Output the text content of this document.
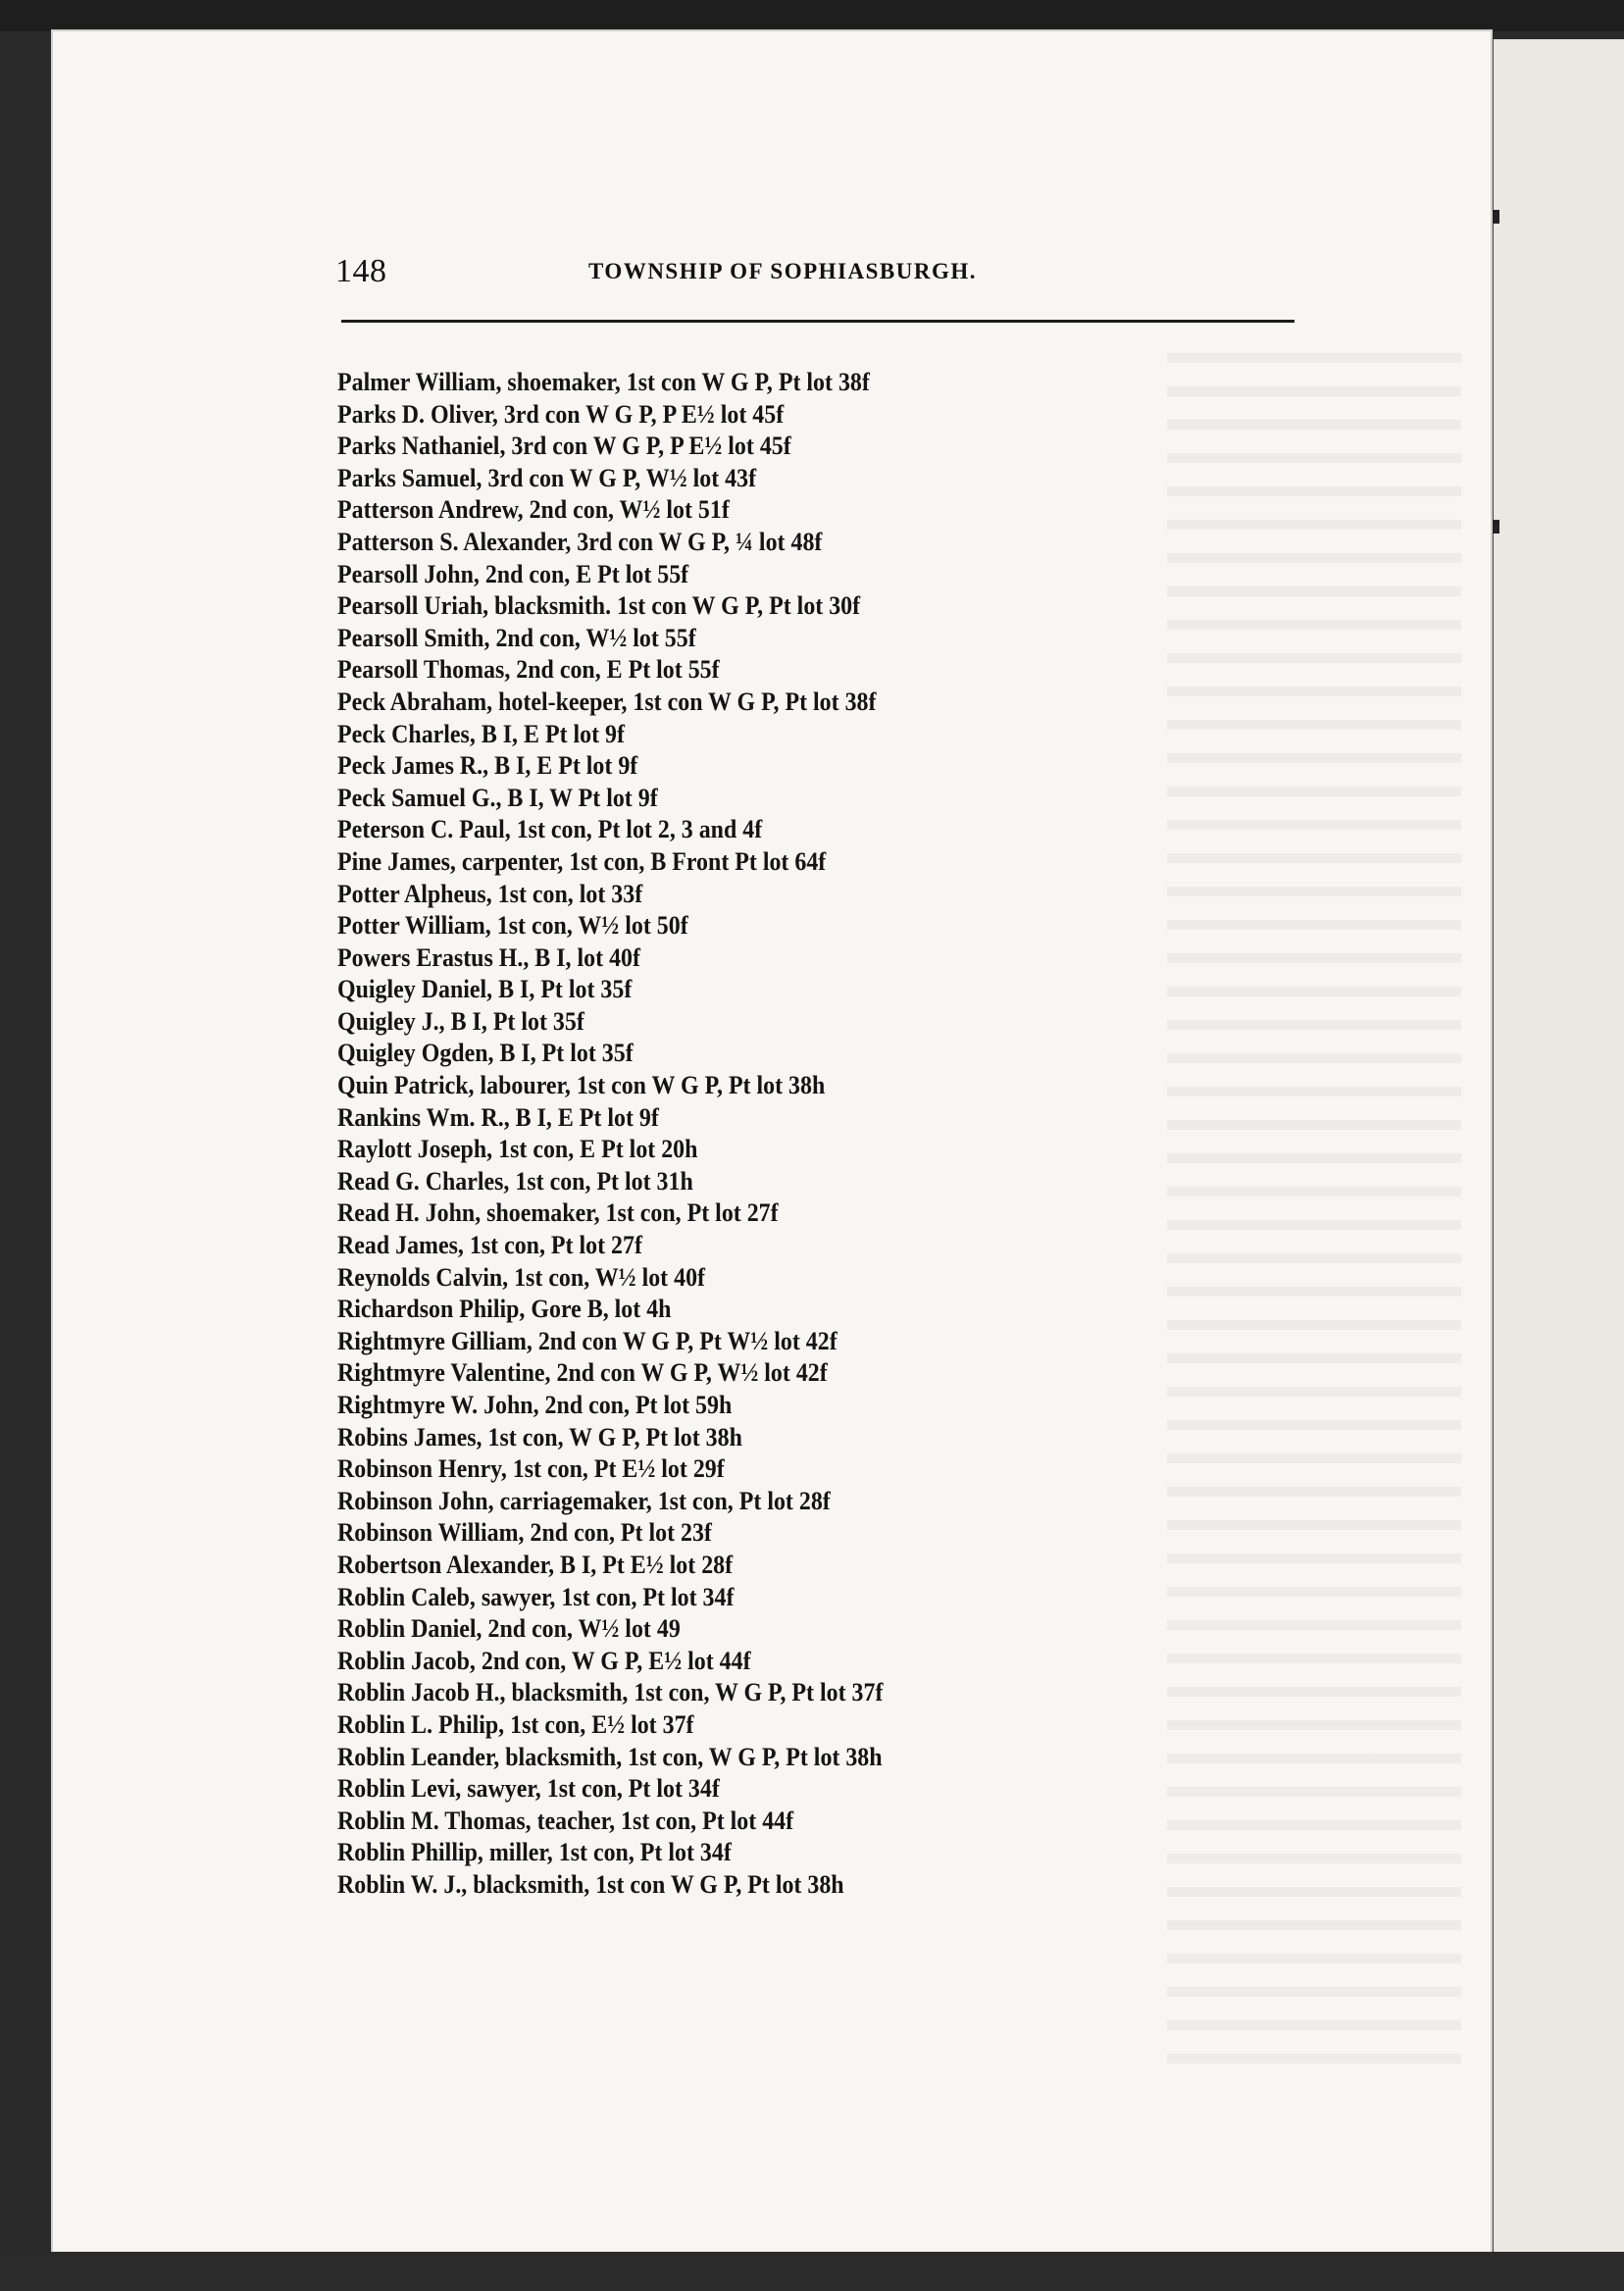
148	TOWNSHIP OF SOPHIASBURGH.
Palmer William, shoemaker, 1st con W G P, Pt lot 38f
Parks D. Oliver, 3rd con W G P, P E½ lot 45f
Parks Nathaniel, 3rd con W G P, P E½ lot 45f
Parks Samuel, 3rd con W G P, W½ lot 43f
Patterson Andrew, 2nd con, W½ lot 51f
Patterson S. Alexander, 3rd con W G P, ¼ lot 48f
Pearsoll John, 2nd con, E Pt lot 55f
Pearsoll Uriah, blacksmith. 1st con W G P, Pt lot 30f
Pearsoll Smith, 2nd con, W½ lot 55f
Pearsoll Thomas, 2nd con, E Pt lot 55f
Peck Abraham, hotel-keeper, 1st con W G P, Pt lot 38f
Peck Charles, B I, E Pt lot 9f
Peck James R., B I, E Pt lot 9f
Peck Samuel G., B I, W Pt lot 9f
Peterson C. Paul, 1st con, Pt lot 2, 3 and 4f
Pine James, carpenter, 1st con, B Front Pt lot 64f
Potter Alpheus, 1st con, lot 33f
Potter William, 1st con, W½ lot 50f
Powers Erastus H., B I, lot 40f
Quigley Daniel, B I, Pt lot 35f
Quigley J., B I, Pt lot 35f
Quigley Ogden, B I, Pt lot 35f
Quin Patrick, labourer, 1st con W G P, Pt lot 38h
Rankins Wm. R., B I, E Pt lot 9f
Raylott Joseph, 1st con, E Pt lot 20h
Read G. Charles, 1st con, Pt lot 31h
Read H. John, shoemaker, 1st con, Pt lot 27f
Read James, 1st con, Pt lot 27f
Reynolds Calvin, 1st con, W½ lot 40f
Richardson Philip, Gore B, lot 4h
Rightmyre Gilliam, 2nd con W G P, Pt W½ lot 42f
Rightmyre Valentine, 2nd con W G P, W½ lot 42f
Rightmyre W. John, 2nd con, Pt lot 59h
Robins James, 1st con, W G P, Pt lot 38h
Robinson Henry, 1st con, Pt E½ lot 29f
Robinson John, carriagemaker, 1st con, Pt lot 28f
Robinson William, 2nd con, Pt lot 23f
Robertson Alexander, B I, Pt E½ lot 28f
Roblin Caleb, sawyer, 1st con, Pt lot 34f
Roblin Daniel, 2nd con, W½ lot 49
Roblin Jacob, 2nd con, W G P, E½ lot 44f
Roblin Jacob H., blacksmith, 1st con, W G P, Pt lot 37f
Roblin L. Philip, 1st con, E½ lot 37f
Roblin Leander, blacksmith, 1st con, W G P, Pt lot 38h
Roblin Levi, sawyer, 1st con, Pt lot 34f
Roblin M. Thomas, teacher, 1st con, Pt lot 44f
Roblin Phillip, miller, 1st con, Pt lot 34f
Roblin W. J., blacksmith, 1st con W G P, Pt lot 38h
